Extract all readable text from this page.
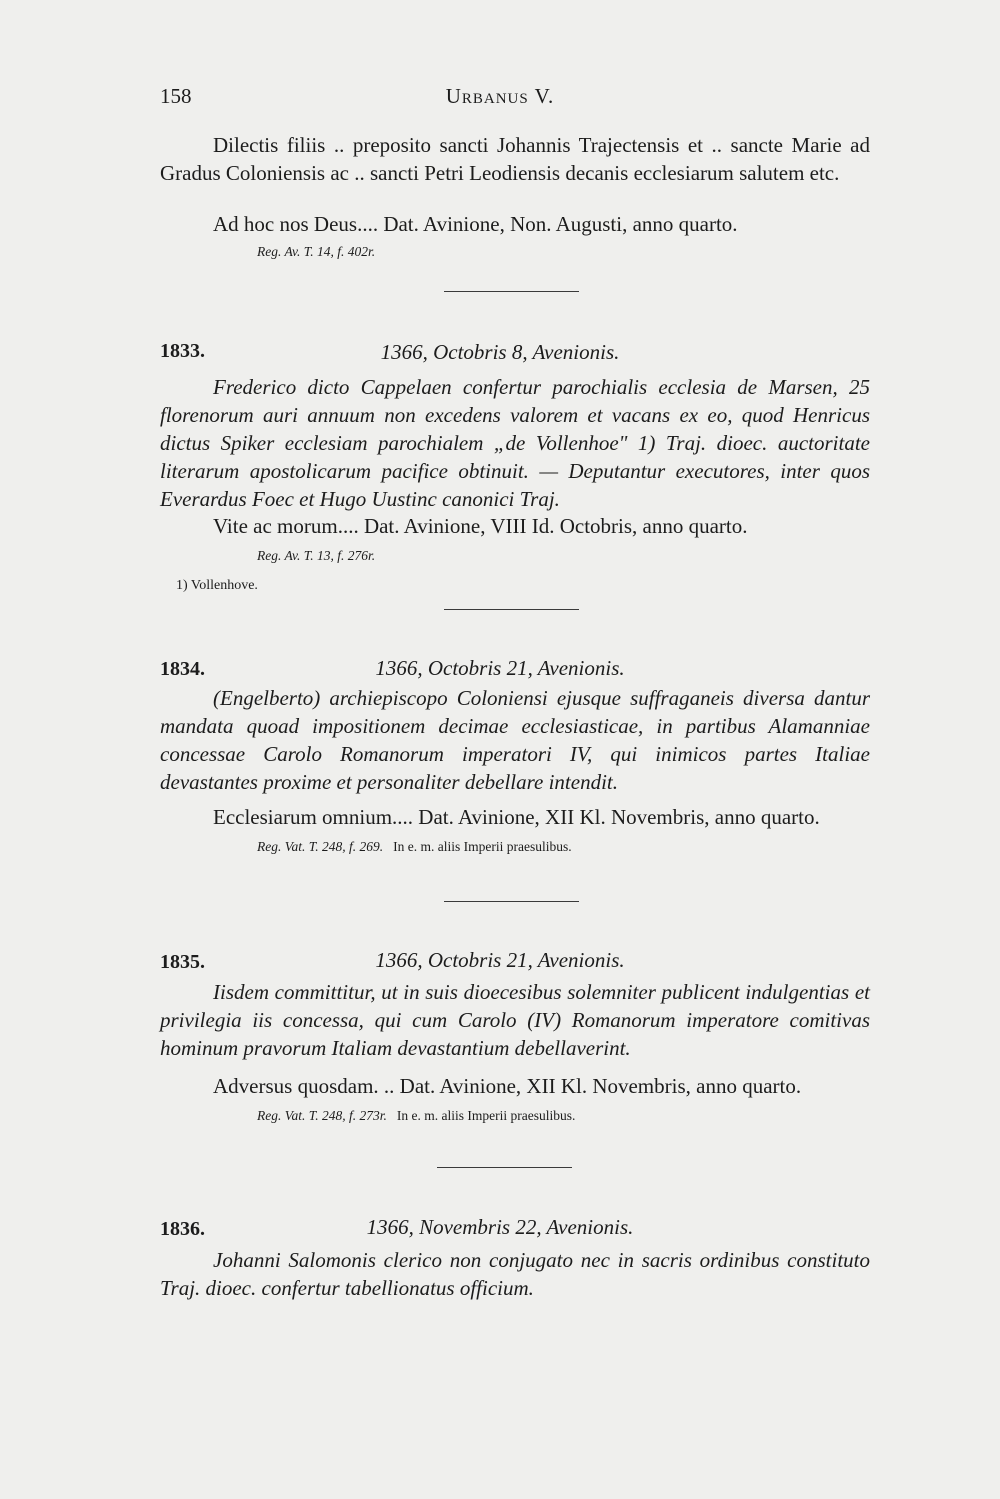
158	Urbanus V.
Dilectis filiis .. preposito sancti Johannis Trajectensis et .. sancte Marie ad Gradus Coloniensis ac .. sancti Petri Leodiensis decanis ecclesiarum salutem etc.
Ad hoc nos Deus.... Dat. Avinione, Non. Augusti, anno quarto.
Reg. Av. T. 14, f. 402r.
1833.	1366, Octobris 8, Avenionis.
Frederico dicto Cappelaen confertur parochialis ecclesia de Marsen, 25 florenorum auri annuum non excedens valorem et vacans ex eo, quod Henricus dictus Spiker ecclesiam parochialem „de Vollenhoe" 1) Traj. dioec. auctoritate literarum apostolicarum pacifice obtinuit. — Deputantur executores, inter quos Everardus Foec et Hugo Uustinc canonici Traj.
Vite ac morum.... Dat. Avinione, VIII Id. Octobris, anno quarto.
Reg. Av. T. 13, f. 276r.
1) Vollenhove.
1834.	1366, Octobris 21, Avenionis.
(Engelberto) archiepiscopo Coloniensi ejusque suffraganeis diversa dantur mandata quoad impositionem decimae ecclesiasticae, in partibus Alamanniae concessae Carolo Romanorum imperatori IV, qui inimicos partes Italiae devastantes proxime et personaliter debellare intendit.
Ecclesiarum omnium.... Dat. Avinione, XII Kl. Novembris, anno quarto.
Reg. Vat. T. 248, f. 269. In e. m. aliis Imperii praesulibus.
1835.	1366, Octobris 21, Avenionis.
Iisdem committitur, ut in suis dioecesibus solemniter publicent indulgentias et privilegia iis concessa, qui cum Carolo (IV) Romanorum imperatore comitivas hominum pravorum Italiam devastantium debellaverint.
Adversus quosdam. .. Dat. Avinione, XII Kl. Novembris, anno quarto.
Reg. Vat. T. 248, f. 273r. In e. m. aliis Imperii praesulibus.
1836.	1366, Novembris 22, Avenionis.
Johanni Salomonis clerico non conjugato nec in sacris ordinibus constituto Traj. dioec. confertur tabellionatus officium.
